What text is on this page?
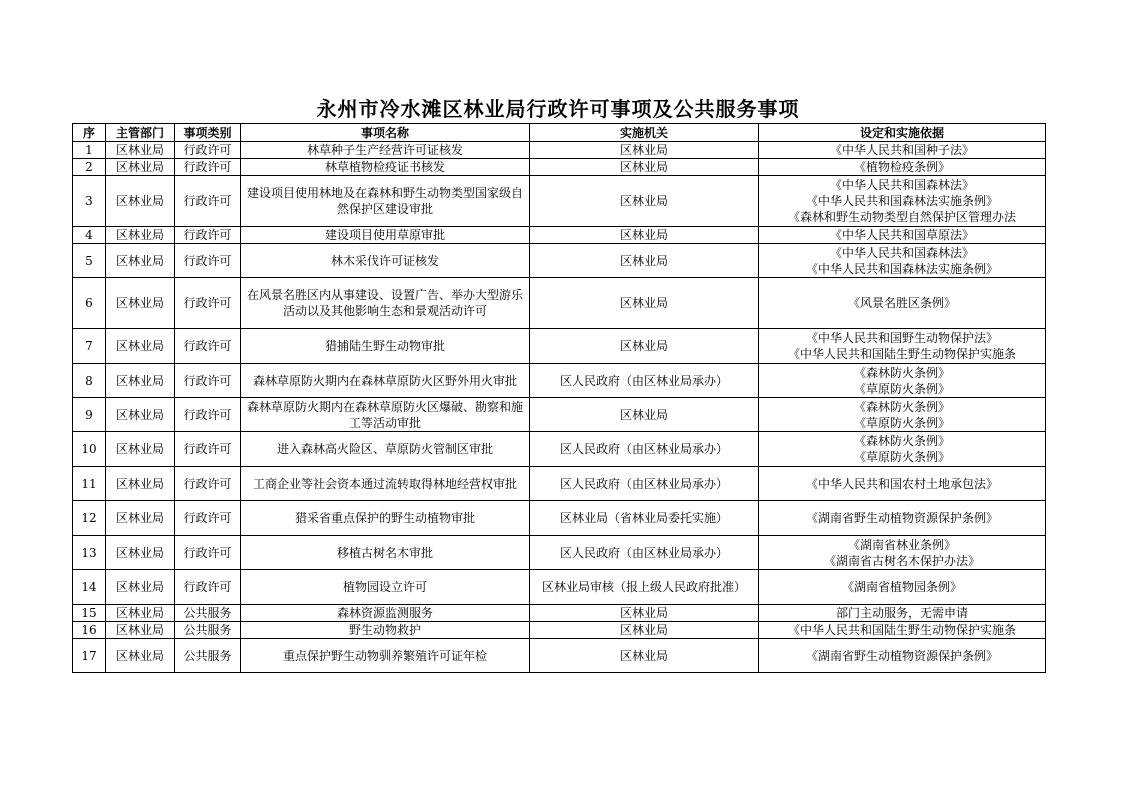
永州市冷水滩区林业局行政许可事项及公共服务事项
序	主管部门	事项类别	事项名称	实施机关	设定和实施依据
1	区林业局	行政许可	林草种子生产经营许可证核发	区林业局	《中华人民共和国种子法》

2	区林业局	行政许可	林草植物检疫证书核发	区林业局	《植物检疫条例》

3	区林业局	行政许可	建设项目使用林地及在森林和野生动物类型国家级自然保护区建设审批	区林业局	《中华人民共和国森林法》
《中华人民共和国森林法实施条例》
《森林和野生动物类型自然保护区管理办法

4	区林业局	行政许可	建设项目使用草原审批	区林业局	《中华人民共和国草原法》

5	区林业局	行政许可	林木采伐许可证核发	区林业局	《中华人民共和国森林法》
《中华人民共和国森林法实施条例》

6	区林业局	行政许可	在风景名胜区内从事建设、设置广告、举办大型游乐活动以及其他影响生态和景观活动许可	区林业局	《风景名胜区条例》

7	区林业局	行政许可	猎捕陆生野生动物审批	区林业局	《中华人民共和国野生动物保护法》
《中华人民共和国陆生野生动物保护实施条

8	区林业局	行政许可	森林草原防火期内在森林草原防火区野外用火审批	区人民政府（由区林业局承办）	《森林防火条例》
《草原防火条例》

9	区林业局	行政许可	森林草原防火期内在森林草原防火区爆破、勘察和施工等活动审批	区林业局	《森林防火条例》
《草原防火条例》

10	区林业局	行政许可	进入森林高火险区、草原防火管制区审批	区人民政府（由区林业局承办）	《森林防火条例》
《草原防火条例》

11	区林业局	行政许可	工商企业等社会资本通过流转取得林地经营权审批	区人民政府（由区林业局承办）	《中华人民共和国农村土地承包法》

12	区林业局	行政许可	猎采省重点保护的野生动植物审批	区林业局（省林业局委托实施）	《湖南省野生动植物资源保护条例》

13	区林业局	行政许可	移植古树名木审批	区人民政府（由区林业局承办）	《湖南省林业条例》
《湖南省古树名木保护办法》

14	区林业局	行政许可	植物园设立许可	区林业局审核（报上级人民政府批准）	《湖南省植物园条例》

15	区林业局	公共服务	森林资源监测服务	区林业局	部门主动服务，无需申请

16	区林业局	公共服务	野生动物救护	区林业局	《中华人民共和国陆生野生动物保护实施条

17	区林业局	公共服务	重点保护野生动物驯养繁殖许可证年检	区林业局	《湖南省野生动植物资源保护条例》
